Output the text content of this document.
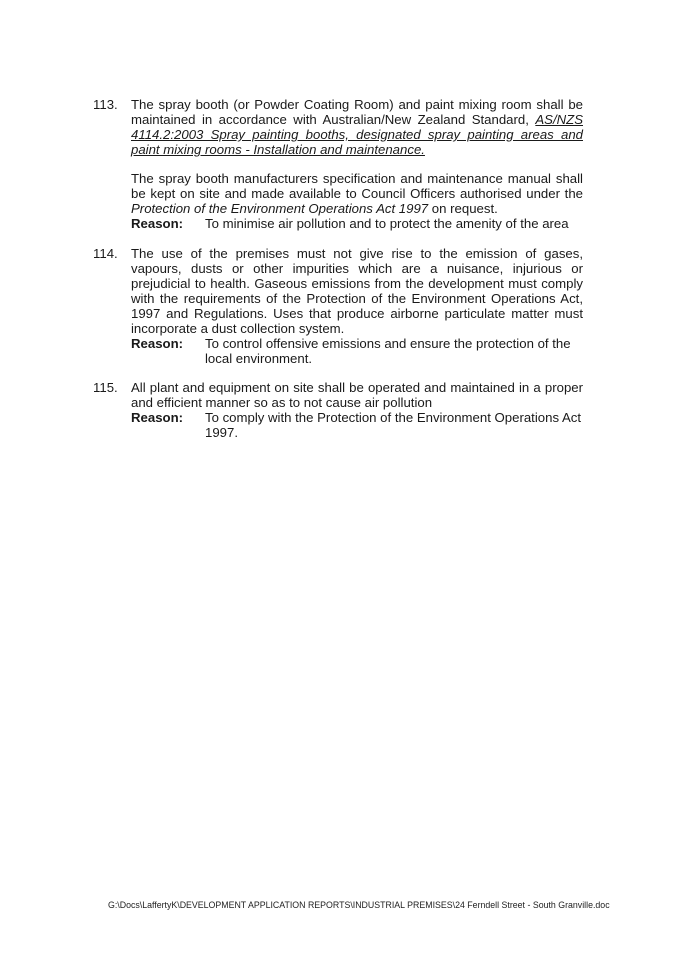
113.	The spray booth (or Powder Coating Room) and paint mixing room shall be maintained in accordance with Australian/New Zealand Standard, AS/NZS 4114.2:2003 Spray painting booths, designated spray painting areas and paint mixing rooms - Installation and maintenance.

The spray booth manufacturers specification and maintenance manual shall be kept on site and made available to Council Officers authorised under the Protection of the Environment Operations Act 1997 on request.

Reason:	To minimise air pollution and to protect the amenity of the area
114.	The use of the premises must not give rise to the emission of gases, vapours, dusts or other impurities which are a nuisance, injurious or prejudicial to health. Gaseous emissions from the development must comply with the requirements of the Protection of the Environment Operations Act, 1997 and Regulations. Uses that produce airborne particulate matter must incorporate a dust collection system.

Reason:	To control offensive emissions and ensure the protection of the local environment.
115.	All plant and equipment on site shall be operated and maintained in a proper and efficient manner so as to not cause air pollution

Reason:	To comply with the Protection of the Environment Operations Act 1997.
G:\Docs\LaffertyK\DEVELOPMENT APPLICATION REPORTS\INDUSTRIAL PREMISES\24 Ferndell Street - South Granville.doc
